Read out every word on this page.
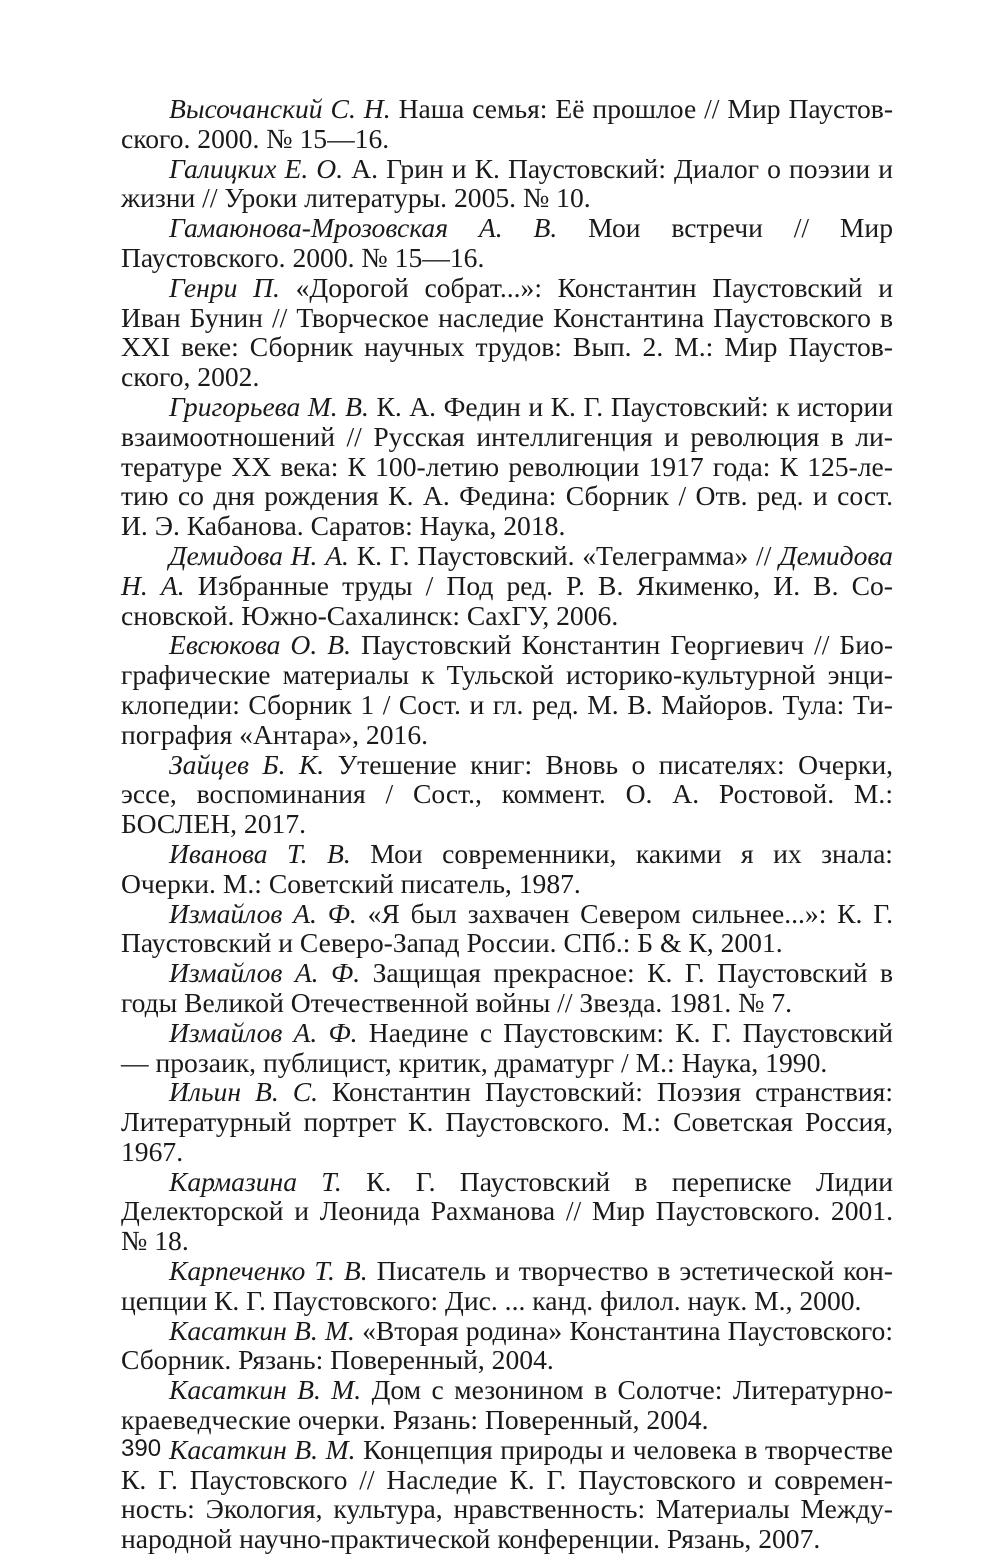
Высочанский С. Н. Наша семья: Её прошлое // Мир Паустовского. 2000. № 15—16.

Галицких Е. О. А. Грин и К. Паустовский: Диалог о поэзии и жизни // Уроки литературы. 2005. № 10.

Гамаюнова-Мрозовская А. В. Мои встречи // Мир Паустовского. 2000. № 15—16.

Генри П. «Дорогой собрат...»: Константин Паустовский и Иван Бунин // Творческое наследие Константина Паустовского в XXI веке: Сборник научных трудов: Вып. 2. М.: Мир Паустовского, 2002.

Григорьева М. В. К. А. Федин и К. Г. Паустовский: к истории взаимоотношений // Русская интеллигенция и революция в литературе XX века: К 100-летию революции 1917 года: К 125-летию со дня рождения К. А. Федина: Сборник / Отв. ред. и сост. И. Э. Кабанова. Саратов: Наука, 2018.

Демидова Н. А. К. Г. Паустовский. «Телеграмма» // Демидова Н. А. Избранные труды / Под ред. Р. В. Якименко, И. В. Сосновской. Южно-Сахалинск: СахГУ, 2006.

Евсюкова О. В. Паустовский Константин Георгиевич // Биографические материалы к Тульской историко-культурной энциклопедии: Сборник 1 / Сост. и гл. ред. М. В. Майоров. Тула: Типография «Антара», 2016.

Зайцев Б. К. Утешение книг: Вновь о писателях: Очерки, эссе, воспоминания / Сост., коммент. О. А. Ростовой. М.: БОСЛЕН, 2017.

Иванова Т. В. Мои современники, какими я их знала: Очерки. М.: Советский писатель, 1987.

Измайлов А. Ф. «Я был захвачен Севером сильнее...»: К. Г. Паустовский и Северо-Запад России. СПб.: Б & К, 2001.

Измайлов А. Ф. Защищая прекрасное: К. Г. Паустовский в годы Великой Отечественной войны // Звезда. 1981. № 7.

Измайлов А. Ф. Наедине с Паустовским: К. Г. Паустовский — прозаик, публицист, критик, драматург / М.: Наука, 1990.

Ильин В. С. Константин Паустовский: Поэзия странствия: Литературный портрет К. Паустовского. М.: Советская Россия, 1967.

Кармазина Т. К. Г. Паустовский в переписке Лидии Делекторской и Леонида Рахманова // Мир Паустовского. 2001. № 18.

Карпеченко Т. В. Писатель и творчество в эстетической концепции К. Г. Паустовского: Дис. ... канд. филол. наук. М., 2000.

Касаткин В. М. «Вторая родина» Константина Паустовского: Сборник. Рязань: Поверенный, 2004.

Касаткин В. М. Дом с мезонином в Солотче: Литературно-краеведческие очерки. Рязань: Поверенный, 2004.

Касаткин В. М. Концепция природы и человека в творчестве К. Г. Паустовского // Наследие К. Г. Паустовского и современность: Экология, культура, нравственность: Материалы Международной научно-практической конференции. Рязань, 2007.

390
